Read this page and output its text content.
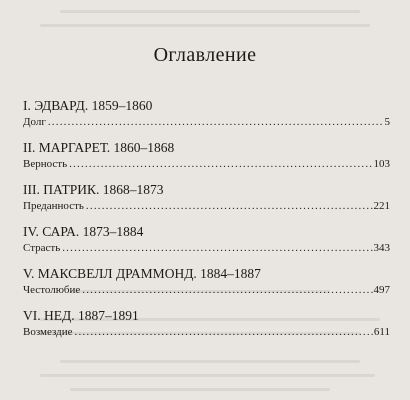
Оглавление
I. ЭДВАРД. 1859–1860
Долг .....	5
II. МАРГАРЕТ. 1860–1868
Верность .....	103
III. ПАТРИК. 1868–1873
Преданность .....	221
IV. САРА. 1873–1884
Страсть .....	343
V. МАКСВЕЛЛ ДРАММОНД. 1884–1887
Честолюбие .....	497
VI. НЕД. 1887–1891
Возмездие .....	611
